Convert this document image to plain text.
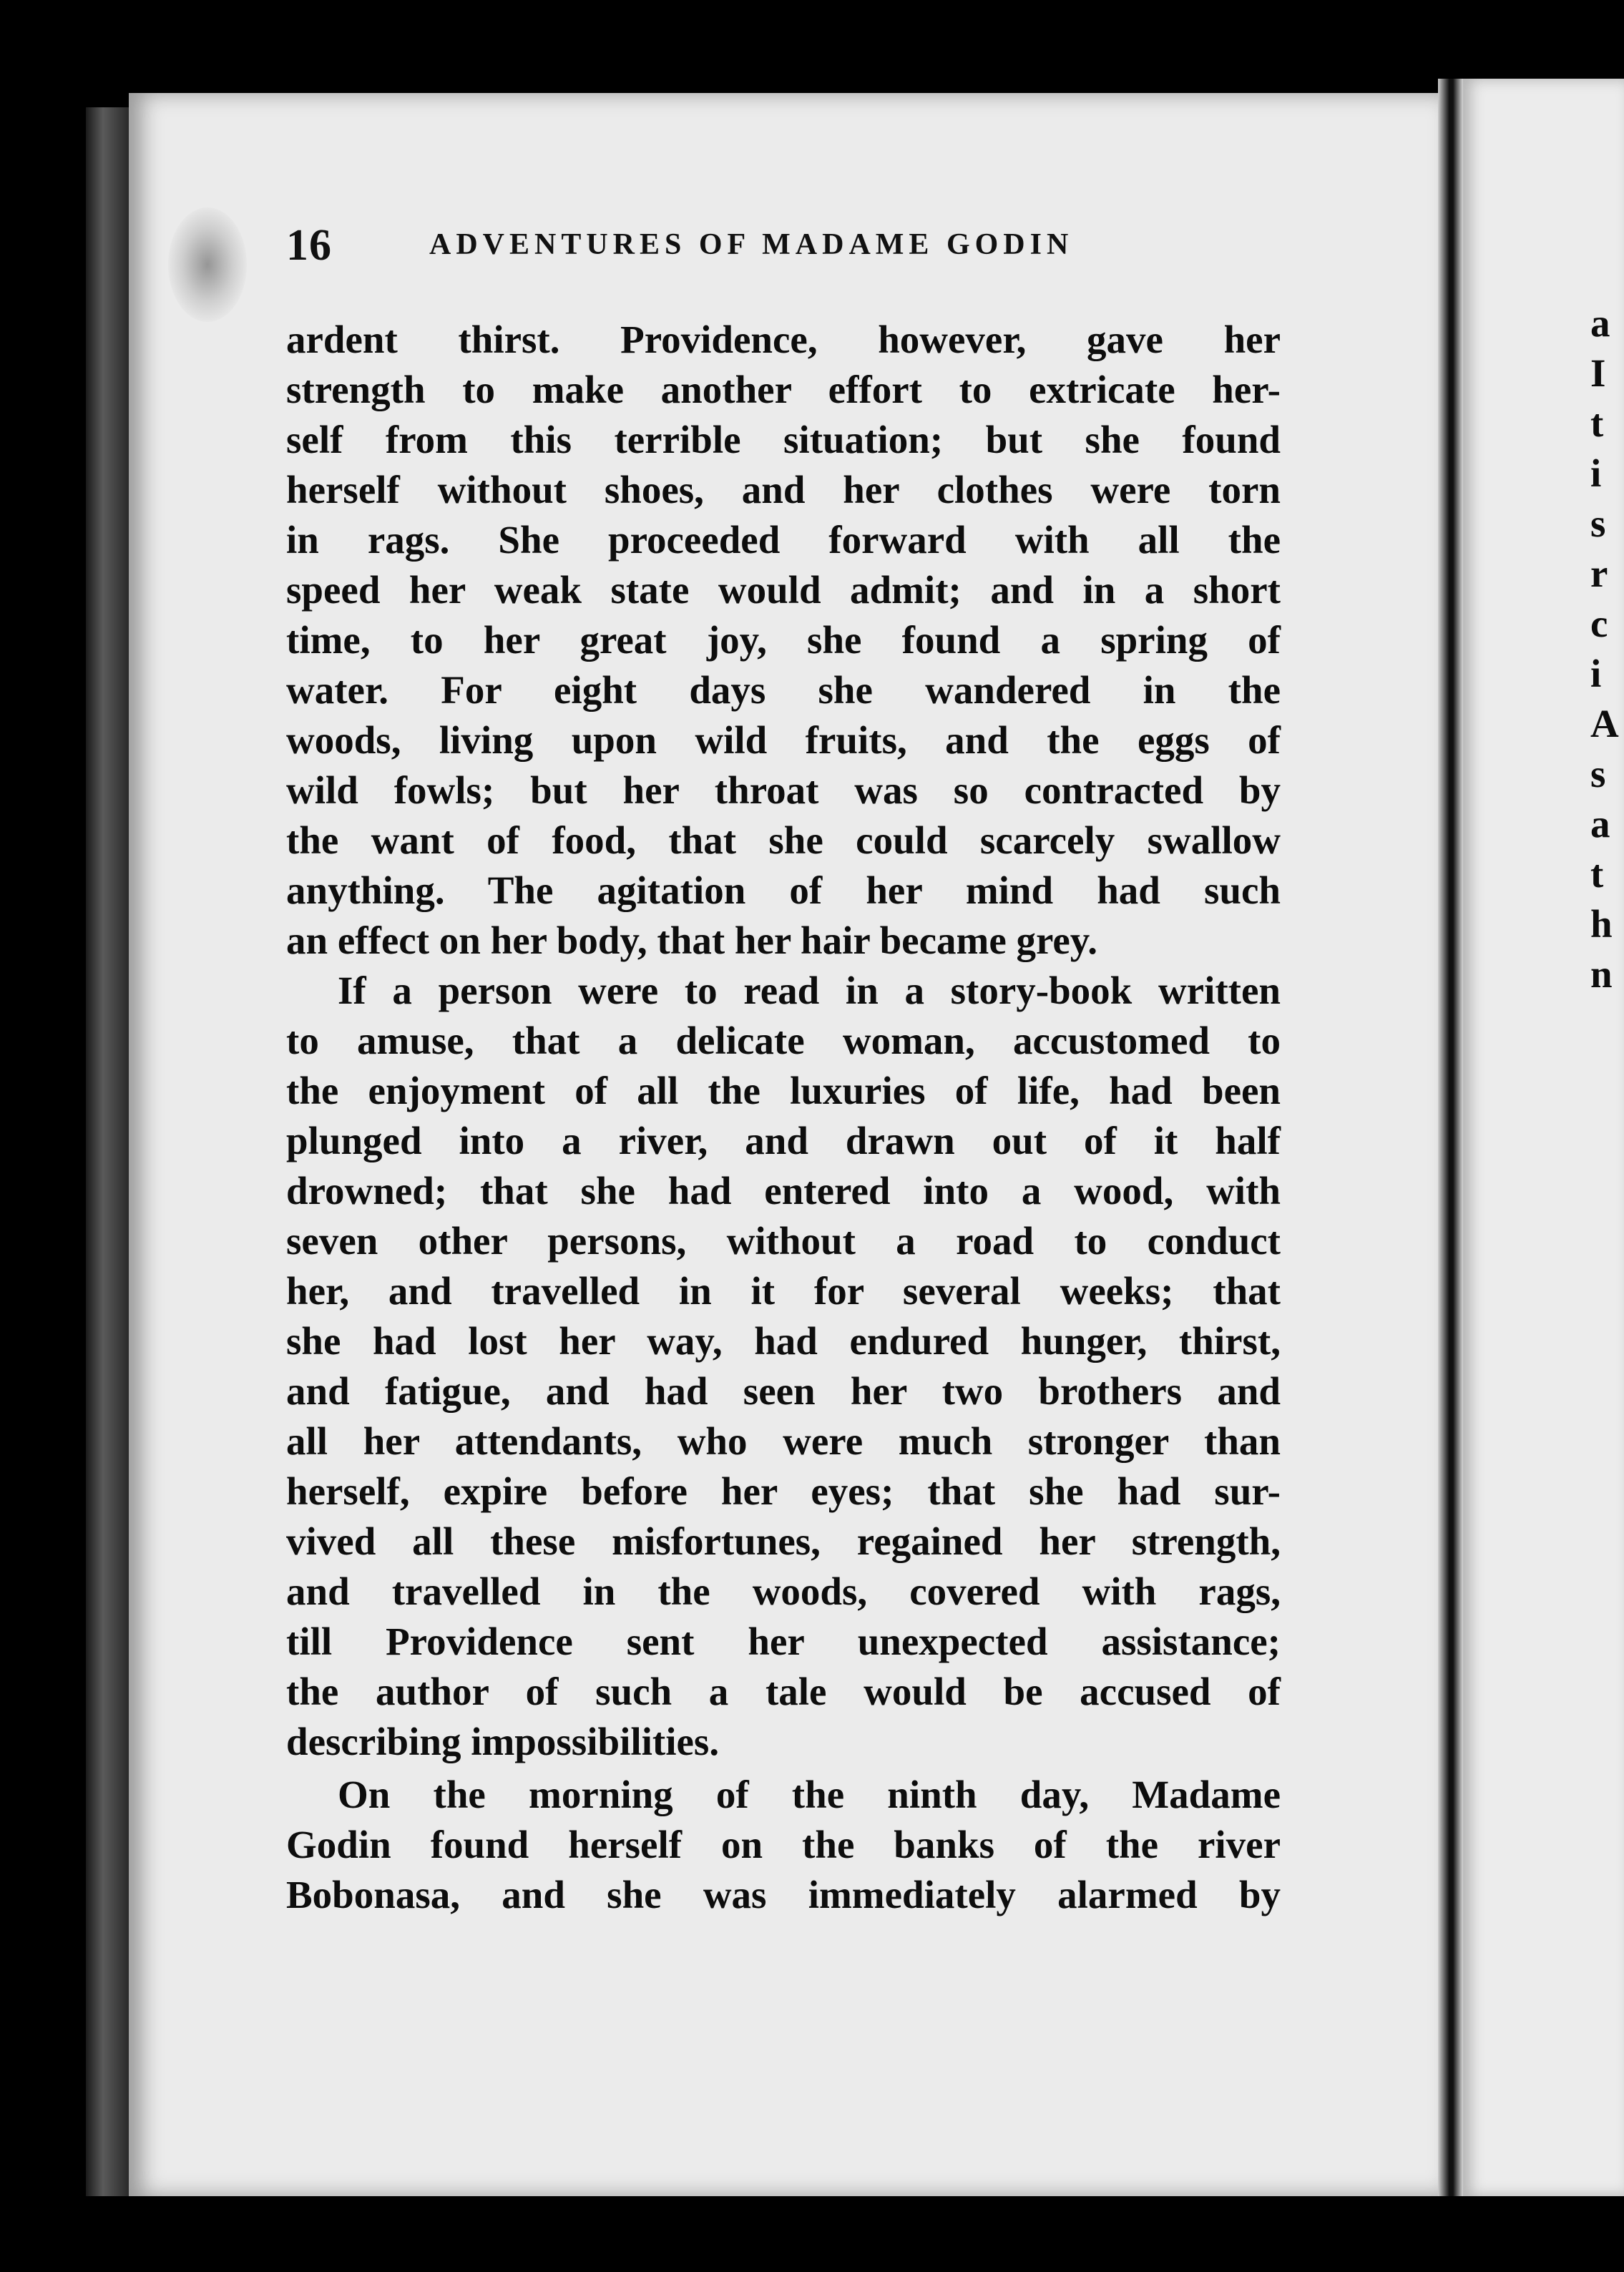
a
I
t
i
s
r
c
i
A
s
a
t
h
n
16	ADVENTURES OF MADAME GODIN
ardent thirst. Providence, however, gave her
strength to make another effort to extricate her-
self from this terrible situation; but she found
herself without shoes, and her clothes were torn
in rags. She proceeded forward with all the
speed her weak state would admit; and in a short
time, to her great joy, she found a spring of
water. For eight days she wandered in the
woods, living upon wild fruits, and the eggs of
wild fowls; but her throat was so contracted by
the want of food, that she could scarcely swallow
anything. The agitation of her mind had such
an effect on her body, that her hair became grey.
If a person were to read in a story-book written
to amuse, that a delicate woman, accustomed to
the enjoyment of all the luxuries of life, had been
plunged into a river, and drawn out of it half
drowned; that she had entered into a wood, with
seven other persons, without a road to conduct
her, and travelled in it for several weeks; that
she had lost her way, had endured hunger, thirst,
and fatigue, and had seen her two brothers and
all her attendants, who were much stronger than
herself, expire before her eyes; that she had sur-
vived all these misfortunes, regained her strength,
and travelled in the woods, covered with rags,
till Providence sent her unexpected assistance;
the author of such a tale would be accused of
describing impossibilities.
On the morning of the ninth day, Madame
Godin found herself on the banks of the river
Bobonasa, and she was immediately alarmed by
